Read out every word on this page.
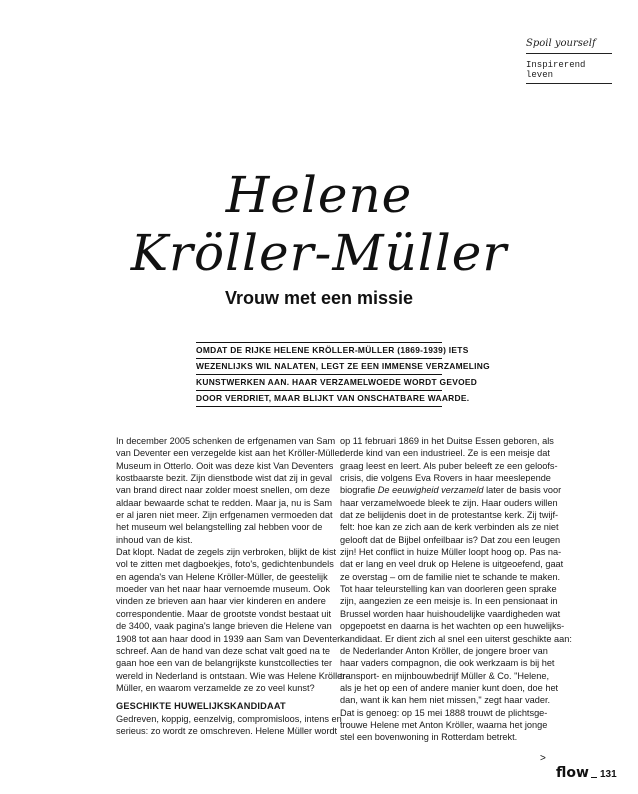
Spoil yourself
Inspirerend leven
Helene
Kröller-Müller
Vrouw met een missie
OMDAT DE RIJKE HELENE KRÖLLER-MÜLLER (1869-1939) IETS
WEZENLIJKS WIL NALATEN, LEGT ZE EEN IMMENSE VERZAMELING
KUNSTWERKEN AAN. HAAR VERZAMELWOEDE WORDT GEVOED
DOOR VERDRIET, MAAR BLIJKT VAN ONSCHATBARE WAARDE.
In december 2005 schenken de erfgenamen van Sam
van Deventer een verzegelde kist aan het Kröller-Müller
Museum in Otterlo. Ooit was deze kist Van Deventers
kostbaarste bezit. Zijn dienstbode wist dat zij in geval
van brand direct naar zolder moest snellen, om deze
aldaar bewaarde schat te redden. Maar ja, nu is Sam
er al jaren niet meer. Zijn erfgenamen vermoeden dat
het museum wel belangstelling zal hebben voor de
inhoud van de kist.
Dat klopt. Nadat de zegels zijn verbroken, blijkt de kist
vol te zitten met dagboekjes, foto's, gedichtenbundels
en agenda's van Helene Kröller-Müller, de geestelijk
moeder van het naar haar vernoemde museum. Ook
vinden ze brieven aan haar vier kinderen en andere
correspondentie. Maar de grootste vondst bestaat uit
de 3400, vaak pagina's lange brieven die Helene van
1908 tot aan haar dood in 1939 aan Sam van Deventer
schreef. Aan de hand van deze schat valt goed na te
gaan hoe een van de belangrijkste kunstcollecties ter
wereld in Nederland is ontstaan. Wie was Helene Kröller-
Müller, en waarom verzamelde ze zo veel kunst?
GESCHIKTE HUWELIJKSKANDIDAAT
Gedreven, koppig, eenzelvig, compromisloos, intens en
serieus: zo wordt ze omschreven. Helene Müller wordt
op 11 februari 1869 in het Duitse Essen geboren, als
derde kind van een industrieel. Ze is een meisje dat
graag leest en leert. Als puber beleeft ze een geloofs-
crisis, die volgens Eva Rovers in haar meeslepende
biografie De eeuwigheid verzameld later de basis voor
haar verzamelwoede bleek te zijn. Haar ouders willen
dat ze belijdenis doet in de protestantse kerk. Zij twijf-
felt: hoe kan ze zich aan de kerk verbinden als ze niet
gelooft dat de Bijbel onfeilbaar is? Dat zou een leugen
zijn! Het conflict in huize Müller loopt hoog op. Pas na-
dat er lang en veel druk op Helene is uitgeoefend, gaat
ze overstag – om de familie niet te schande te maken.
Tot haar teleurstelling kan van doorleren geen sprake
zijn, aangezien ze een meisje is. In een pensionaat in
Brussel worden haar huishoudelijke vaardigheden wat
opgepoetst en daarna is het wachten op een huwelijks-
kandidaat. Er dient zich al snel een uiterst geschikte aan:
de Nederlander Anton Kröller, de jongere broer van
haar vaders compagnon, die ook werkzaam is bij het
transport- en mijnbouwbedrijf Müller & Co. "Helene,
als je het op een of andere manier kunt doen, doe het
dan, want ik kan hem niet missen," zegt haar vader.
Dat is genoeg: op 15 mei 1888 trouwt de plichtsge-
trouwe Helene met Anton Kröller, waarna het jonge
stel een bovenwoning in Rotterdam betrekt.
>
flow 131
